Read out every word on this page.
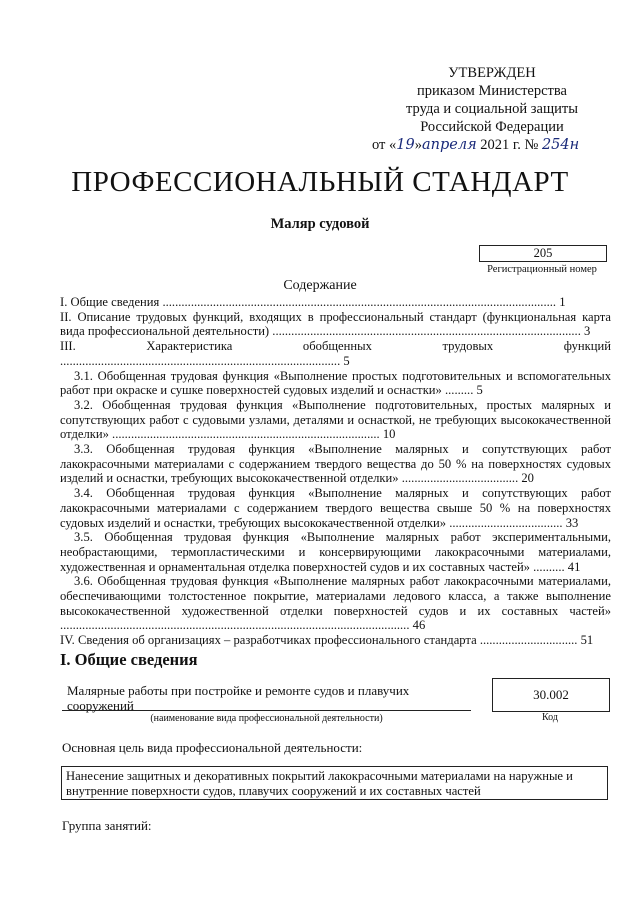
УТВЕРЖДЕН
приказом Министерства
труда и социальной защиты
Российской Федерации
от «19»апреля 2021 г. № 254н
ПРОФЕССИОНАЛЬНЫЙ СТАНДАРТ
Маляр судовой
205
Регистрационный номер
Содержание

I. Общие сведения ............................................................................................................................. 1

II. Описание трудовых функций, входящих в профессиональный стандарт (функциональная карта вида профессиональной деятельности) .................................................................................................. 3

III. Характеристика обобщенных трудовых функций ......................................................................................... 5

3.1. Обобщенная трудовая функция «Выполнение простых подготовительных и вспомогательных работ при окраске и сушке поверхностей судовых изделий и оснастки» ......... 5

3.2. Обобщенная трудовая функция «Выполнение подготовительных, простых малярных и сопутствующих работ с судовыми узлами, деталями и оснасткой, не требующих высококачественной отделки» ..................................................................................... 10

3.3. Обобщенная трудовая функция «Выполнение малярных и сопутствующих работ лакокрасочными материалами с содержанием твердого вещества до 50 % на поверхностях судовых изделий и оснастки, требующих высококачественной отделки» ..................................... 20

3.4. Обобщенная трудовая функция «Выполнение малярных и сопутствующих работ лакокрасочными материалами с содержанием твердого вещества свыше 50 % на поверхностях судовых изделий и оснастки, требующих высококачественной отделки» .................................... 33

3.5. Обобщенная трудовая функция «Выполнение малярных работ экспериментальными, необрастающими, термопластическими и консервирующими лакокрасочными материалами, художественная и орнаментальная отделка поверхностей судов и их составных частей» .......... 41

3.6. Обобщенная трудовая функция «Выполнение малярных работ лакокрасочными материалами, обеспечивающими толстостенное покрытие, материалами ледового класса, а также выполнение высококачественной художественной отделки поверхностей судов и их составных частей» ............................................................................................................... 46

IV. Сведения об организациях – разработчиках профессионального стандарта ............................... 51

I. Общие сведения
Малярные работы при постройке и ремонте судов и плавучих сооружений
(наименование вида профессиональной деятельности)
30.002
Код
Основная цель вида профессиональной деятельности:
Нанесение защитных и декоративных покрытий лакокрасочными материалами на наружные и внутренние поверхности судов, плавучих сооружений и их составных частей
Группа занятий:
